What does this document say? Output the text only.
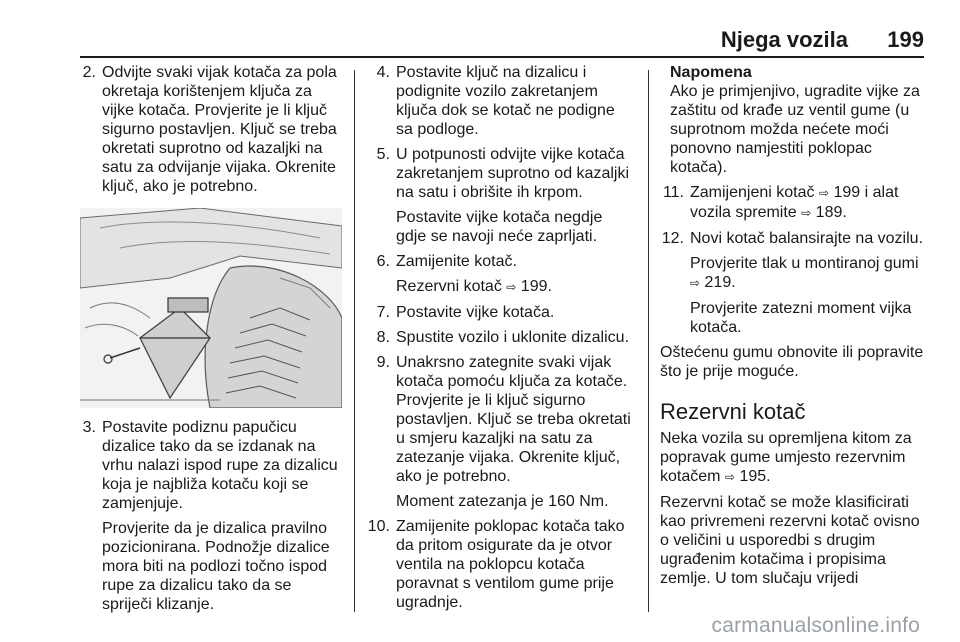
Njega vozila 199
2. Odvijte svaki vijak kotača za pola okretaja korištenjem ključa za vijke kotača. Provjerite je li ključ sigurno postavljen. Ključ se treba okretati suprotno od kazaljki na satu za odvijanje vijaka. Okrenite ključ, ako je potrebno.
3. Postavite podiznu papučicu dizalice tako da se izdanak na vrhu nalazi ispod rupe za dizalicu koja je najbliža kotaču koji se zamjenjuje.
Provjerite da je dizalica pravilno pozicionirana. Podnožje dizalice mora biti na podlozi točno ispod rupe za dizalicu tako da se spriječi klizanje.
4. Postavite ključ na dizalicu i podignite vozilo zakretanjem ključa dok se kotač ne podigne sa podloge.
5. U potpunosti odvijte vijke kotača zakretanjem suprotno od kazaljki na satu i obrišite ih krpom.
Postavite vijke kotača negdje gdje se navoji neće zaprljati.
6. Zamijenite kotač.
Rezervni kotač ⇨ 199.
7. Postavite vijke kotača.
8. Spustite vozilo i uklonite dizalicu.
9. Unakrsno zategnite svaki vijak kotača pomoću ključa za kotače. Provjerite je li ključ sigurno postavljen. Ključ se treba okretati u smjeru kazaljki na satu za zatezanje vijaka. Okrenite ključ, ako je potrebno.
Moment zatezanja je 160 Nm.
10. Zamijenite poklopac kotača tako da pritom osigurate da je otvor ventila na poklopcu kotača poravnat s ventilom gume prije ugradnje.
Napomena
Ako je primjenjivo, ugradite vijke za zaštitu od krađe uz ventil gume (u suprotnom možda nećete moći ponovno namjestiti poklopac kotača).
11. Zamijenjeni kotač ⇨ 199 i alat vozila spremite ⇨ 189.
12. Novi kotač balansirajte na vozilu.
Provjerite tlak u montiranoj gumi ⇨ 219.
Provjerite zatezni moment vijka kotača.
Oštećenu gumu obnovite ili popravite što je prije moguće.
Rezervni kotač
Neka vozila su opremljena kitom za popravak gume umjesto rezervnim kotačem ⇨ 195.
Rezervni kotač se može klasificirati kao privremeni rezervni kotač ovisno o veličini u usporedbi s drugim ugrađenim kotačima i propisima zemlje. U tom slučaju vrijedi
carmanualsonline.info
